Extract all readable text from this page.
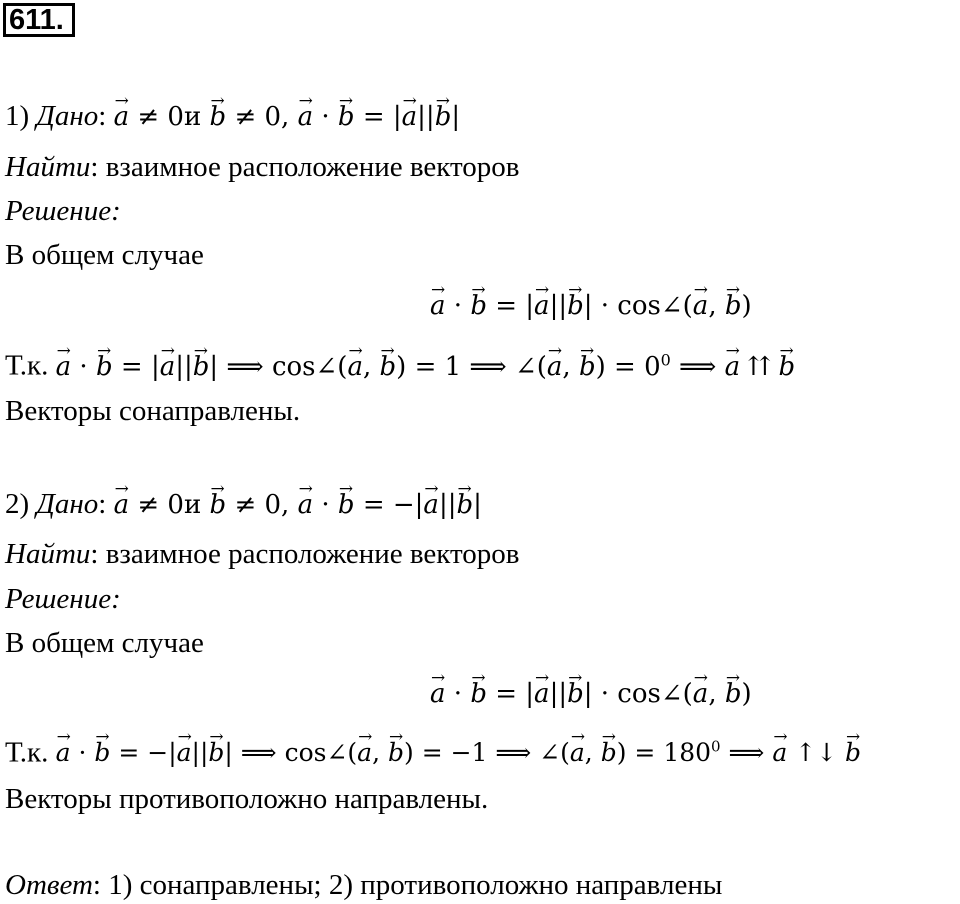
611.
1) Дано: a → ≠ 0и b → ≠ 0, a → · b → = |a →||b →|
Найти: взаимное расположение векторов
Решение:
В общем случае
a → · b → = |a →||b →| · cos∠(a →, b →)
Т.к. a → · b → = |a →||b →| ⟹ cos∠(a →, b →) = 1 ⟹ ∠(a →, b →) = $0^0$ ⟹ a → ⇈ b →
Векторы сонаправлены.
2) Дано: a → ≠ 0и b → ≠ 0, a → · b → = −|a →||b →|
Найти: взаимное расположение векторов
Решение:
В общем случае
a → · b → = |a →||b →| · cos∠(a →, b →)
Т.к. a → · b → = −|a →||b →| ⟹ cos∠(a →, b →) = −1 ⟹ ∠(a →, b →) = $180^0$ ⟹ a → ↑↓ b →
Векторы противоположно направлены.
Ответ: 1) сонаправлены; 2) противоположно направлены
